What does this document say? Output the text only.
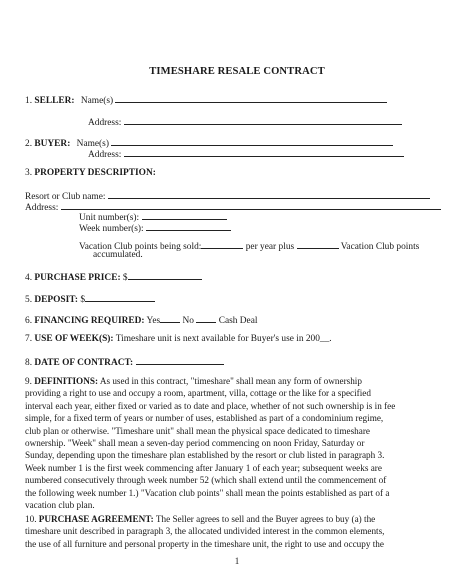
TIMESHARE RESALE CONTRACT
1. SELLER: Name(s)
Address:
2. BUYER: Name(s)
Address:
3. PROPERTY DESCRIPTION:
Resort or Club name:
Address:
Unit number(s):
Week number(s):
Vacation Club points being sold:	per year plus	Vacation Club points
accumulated.
4. PURCHASE PRICE: $
5. DEPOSIT: $
6. FINANCING REQUIRED: Yes No	Cash Deal
7. USE OF WEEK(S): Timeshare unit is next available for Buyer's use in 200__.
8. DATE OF CONTRACT:
9. DEFINITIONS: As used in this contract, "timeshare" shall mean any form of ownership
providing a right to use and occupy a room, apartment, villa, cottage or the like for a specified
interval each year, either fixed or varied as to date and place, whether of not such ownership is in fee
simple, for a fixed term of years or number of uses, established as part of a condominium regime,
club plan or otherwise. "Timeshare unit" shall mean the physical space dedicated to timeshare
ownership. "Week" shall mean a seven-day period commencing on noon Friday, Saturday or
Sunday, depending upon the timeshare plan established by the resort or club listed in paragraph 3.
Week number 1 is the first week commencing after January 1 of each year; subsequent weeks are
numbered consecutively through week number 52 (which shall extend until the commencement of
the following week number 1.) "Vacation club points" shall mean the points established as part of a
vacation club plan.
10. PURCHASE AGREEMENT: The Seller agrees to sell and the Buyer agrees to buy (a) the
timeshare unit described in paragraph 3, the allocated undivided interest in the common elements,
the use of all furniture and personal property in the timeshare unit, the right to use and occupy the
1
